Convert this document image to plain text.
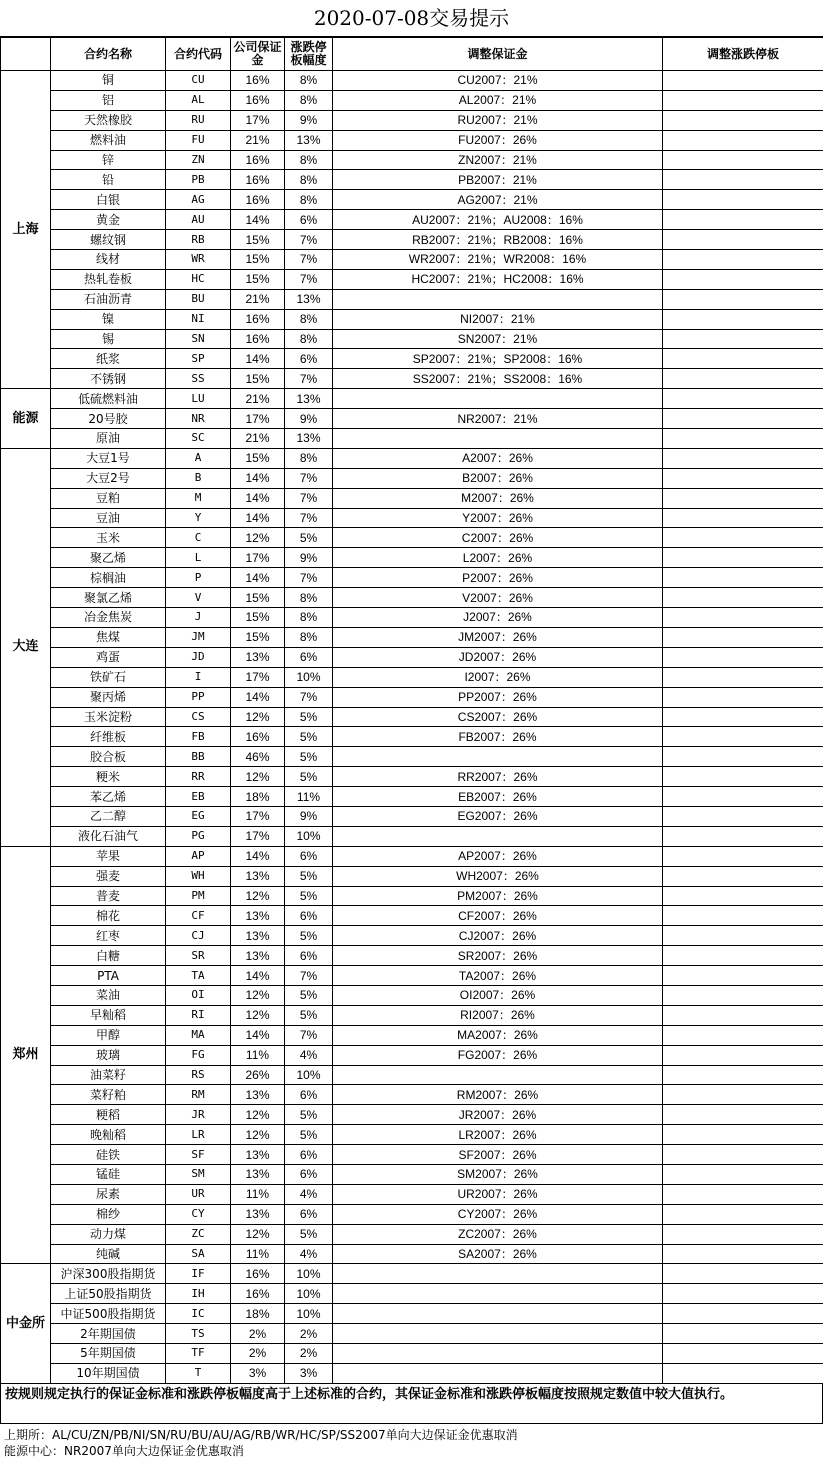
2020-07-08交易提示
	合约名称	合约代码	公司保证金	涨跌停板幅度	调整保证金	调整涨跌停板
上海	铜	CU	16%	8%	CU2007：21%	
	铝	AL	16%	8%	AL2007：21%	
	天然橡胶	RU	17%	9%	RU2007：21%	
	燃料油	FU	21%	13%	FU2007：26%	
	锌	ZN	16%	8%	ZN2007：21%	
	铅	PB	16%	8%	PB2007：21%	
	白银	AG	16%	8%	AG2007：21%	
	黄金	AU	14%	6%	AU2007：21%；AU2008：16%	
	螺纹钢	RB	15%	7%	RB2007：21%；RB2008：16%	
	线材	WR	15%	7%	WR2007：21%；WR2008：16%	
	热轧卷板	HC	15%	7%	HC2007：21%；HC2008：16%	
	石油沥青	BU	21%	13%		
	镍	NI	16%	8%	NI2007：21%	
	锡	SN	16%	8%	SN2007：21%	
	纸浆	SP	14%	6%	SP2007：21%；SP2008：16%	
	不锈钢	SS	15%	7%	SS2007：21%；SS2008：16%	
能源	低硫燃料油	LU	21%	13%		
	20号胶	NR	17%	9%	NR2007：21%	
	原油	SC	21%	13%		
大连	大豆1号	A	15%	8%	A2007：26%	
	大豆2号	B	14%	7%	B2007：26%	
	豆粕	M	14%	7%	M2007：26%	
	豆油	Y	14%	7%	Y2007：26%	
	玉米	C	12%	5%	C2007：26%	
	聚乙烯	L	17%	9%	L2007：26%	
	棕榈油	P	14%	7%	P2007：26%	
	聚氯乙烯	V	15%	8%	V2007：26%	
	冶金焦炭	J	15%	8%	J2007：26%	
	焦煤	JM	15%	8%	JM2007：26%	
	鸡蛋	JD	13%	6%	JD2007：26%	
	铁矿石	I	17%	10%	I2007：26%	
	聚丙烯	PP	14%	7%	PP2007：26%	
	玉米淀粉	CS	12%	5%	CS2007：26%	
	纤维板	FB	16%	5%	FB2007：26%	
	胶合板	BB	46%	5%		
	粳米	RR	12%	5%	RR2007：26%	
	苯乙烯	EB	18%	11%	EB2007：26%	
	乙二醇	EG	17%	9%	EG2007：26%	
	液化石油气	PG	17%	10%		
郑州	苹果	AP	14%	6%	AP2007：26%	
	强麦	WH	13%	5%	WH2007：26%	
	普麦	PM	12%	5%	PM2007：26%	
	棉花	CF	13%	6%	CF2007：26%	
	红枣	CJ	13%	5%	CJ2007：26%	
	白糖	SR	13%	6%	SR2007：26%	
	PTA	TA	14%	7%	TA2007：26%	
	菜油	OI	12%	5%	OI2007：26%	
	早籼稻	RI	12%	5%	RI2007：26%	
	甲醇	MA	14%	7%	MA2007：26%	
	玻璃	FG	11%	4%	FG2007：26%	
	油菜籽	RS	26%	10%		
	菜籽粕	RM	13%	6%	RM2007：26%	
	粳稻	JR	12%	5%	JR2007：26%	
	晚籼稻	LR	12%	5%	LR2007：26%	
	硅铁	SF	13%	6%	SF2007：26%	
	锰硅	SM	13%	6%	SM2007：26%	
	尿素	UR	11%	4%	UR2007：26%	
	棉纱	CY	13%	6%	CY2007：26%	
	动力煤	ZC	12%	5%	ZC2007：26%	
	纯碱	SA	11%	4%	SA2007：26%	
中金所	沪深300股指期货	IF	16%	10%		
	上证50股指期货	IH	16%	10%		
	中证500股指期货	IC	18%	10%		
	2年期国债	TS	2%	2%		
	5年期国债	TF	2%	2%		
	10年期国债	T	3%	3%		
按规则规定执行的保证金标准和涨跌停板幅度高于上述标准的合约，其保证金标准和涨跌停板幅度按照规定数值中较大值执行。
上期所：AL/CU/ZN/PB/NI/SN/RU/BU/AU/AG/RB/WR/HC/SP/SS2007单向大边保证金优惠取消
能源中心：NR2007单向大边保证金优惠取消
